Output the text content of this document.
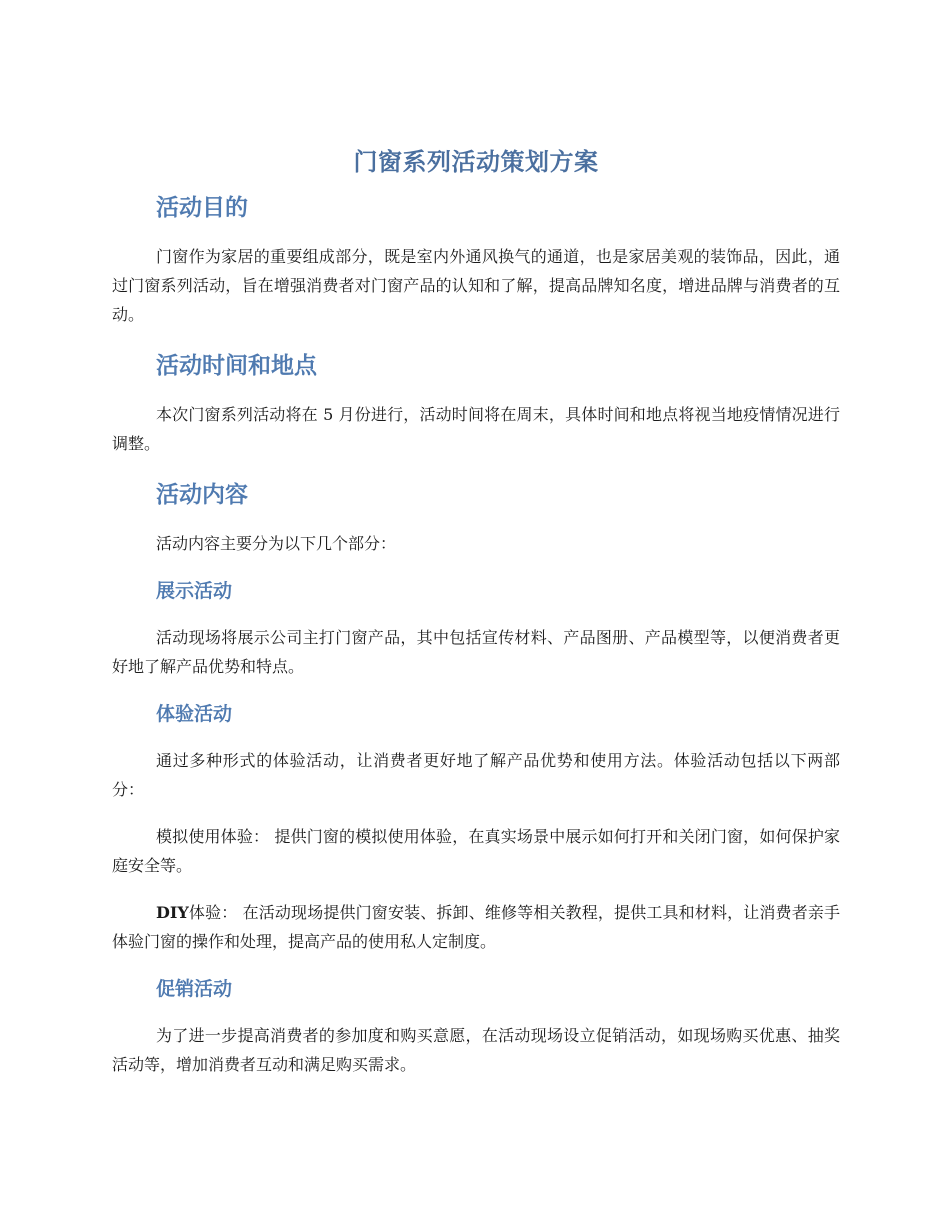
门窗系列活动策划方案
活动目的

门窗作为家居的重要组成部分，既是室内外通风换气的通道，也是家居美观的装饰品，因此，通过门窗系列活动，旨在增强消费者对门窗产品的认知和了解，提高品牌知名度，增进品牌与消费者的互动。

活动时间和地点

本次门窗系列活动将在 5 月份进行，活动时间将在周末，具体时间和地点将视当地疫情情况进行调整。

活动内容

活动内容主要分为以下几个部分：

展示活动

活动现场将展示公司主打门窗产品，其中包括宣传材料、产品图册、产品模型等，以便消费者更好地了解产品优势和特点。

体验活动

通过多种形式的体验活动，让消费者更好地了解产品优势和使用方法。体验活动包括以下两部分：

模拟使用体验： 提供门窗的模拟使用体验，在真实场景中展示如何打开和关闭门窗，如何保护家庭安全等。

DIY体验： 在活动现场提供门窗安装、拆卸、维修等相关教程，提供工具和材料，让消费者亲手体验门窗的操作和处理，提高产品的使用私人定制度。

促销活动

为了进一步提高消费者的参加度和购买意愿，在活动现场设立促销活动，如现场购买优惠、抽奖活动等，增加消费者互动和满足购买需求。
